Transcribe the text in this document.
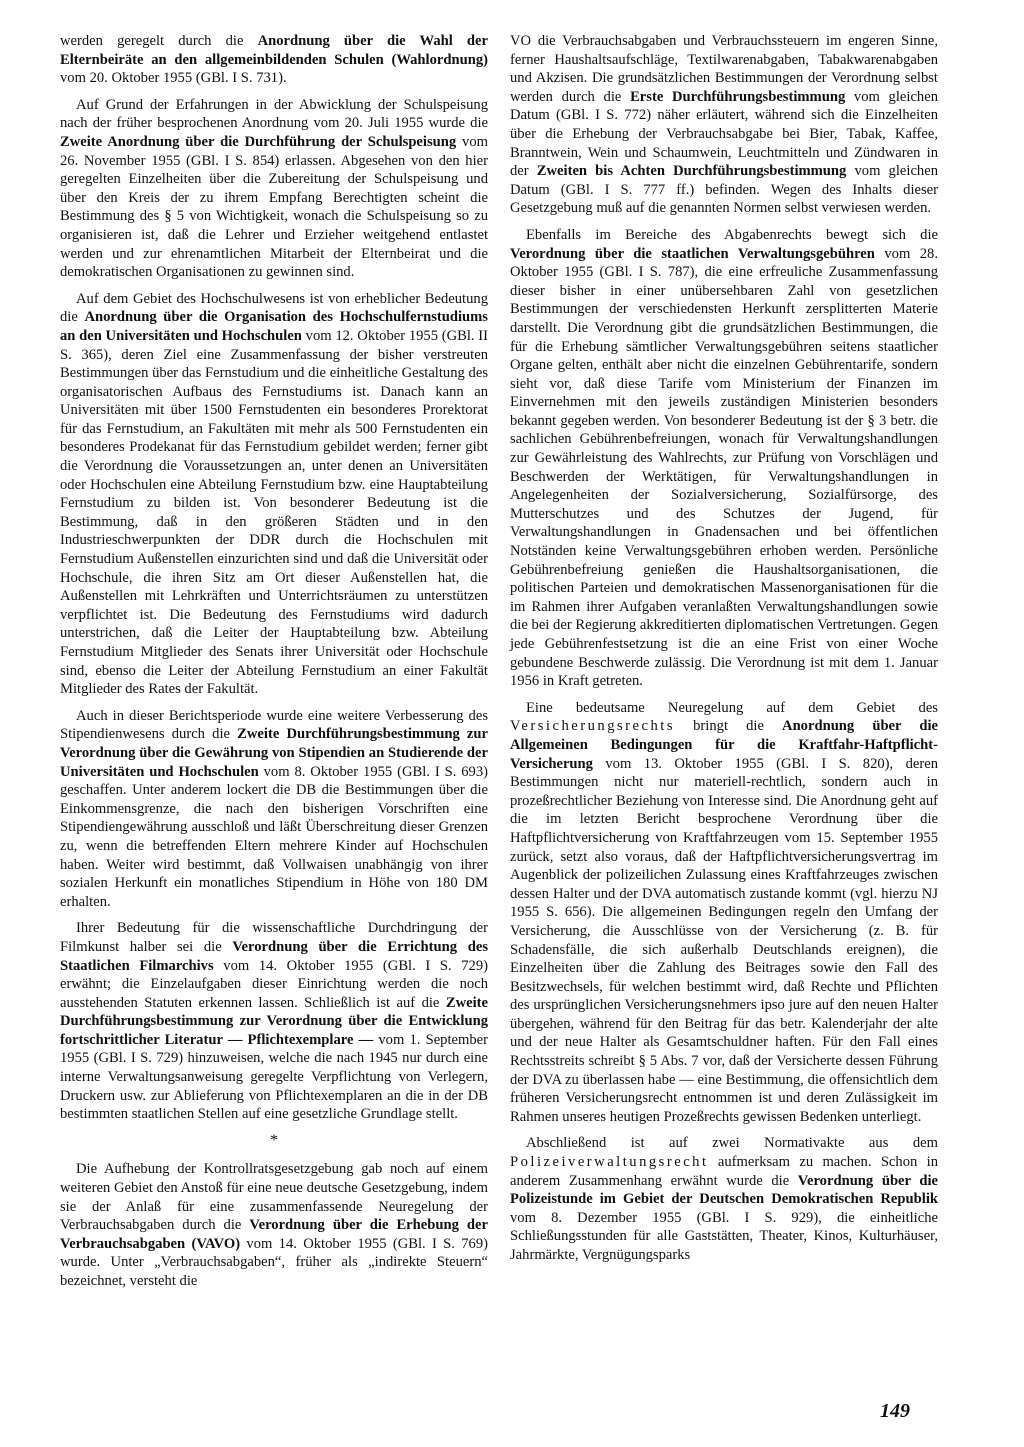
werden geregelt durch die Anordnung über die Wahl der Elternbeiräte an den allgemeinbildenden Schulen (Wahlordnung) vom 20. Oktober 1955 (GBl. I S. 731).

Auf Grund der Erfahrungen in der Abwicklung der Schulspeisung nach der früher besprochenen Anordnung vom 20. Juli 1955 wurde die Zweite Anordnung über die Durchführung der Schulspeisung vom 26. November 1955 (GBl. I S. 854) erlassen. Abgesehen von den hier geregelten Einzelheiten über die Zubereitung der Schulspeisung und über den Kreis der zu ihrem Empfang Berechtigten scheint die Bestimmung des § 5 von Wichtigkeit, wonach die Schulspeisung so zu organisieren ist, daß die Lehrer und Erzieher weitgehend entlastet werden und zur ehrenamtlichen Mitarbeit der Elternbeirat und die demokratischen Organisationen zu gewinnen sind.

Auf dem Gebiet des Hochschulwesens ist von erheblicher Bedeutung die Anordnung über die Organisation des Hochschulfernstudiums an den Universitäten und Hochschulen vom 12. Oktober 1955 (GBl. II S. 365), deren Ziel eine Zusammenfassung der bisher verstreuten Bestimmungen über das Fernstudium und die einheitliche Gestaltung des organisatorischen Aufbaus des Fernstudiums ist. Danach kann an Universitäten mit über 1500 Fernstudenten ein besonderes Prorektorat für das Fernstudium, an Fakultäten mit mehr als 500 Fernstudenten ein besonderes Prodekanat für das Fernstudium gebildet werden; ferner gibt die Verordnung die Voraussetzungen an, unter denen an Universitäten oder Hochschulen eine Abteilung Fernstudium bzw. eine Hauptabteilung Fernstudium zu bilden ist. Von besonderer Bedeutung ist die Bestimmung, daß in den größeren Städten und in den Industrieschwerpunkten der DDR durch die Hochschulen mit Fernstudium Außenstellen einzurichten sind und daß die Universität oder Hochschule, die ihren Sitz am Ort dieser Außenstellen hat, die Außenstellen mit Lehrkräften und Unterrichtsräumen zu unterstützen verpflichtet ist. Die Bedeutung des Fernstudiums wird dadurch unterstrichen, daß die Leiter der Hauptabteilung bzw. Abteilung Fernstudium Mitglieder des Senats ihrer Universität oder Hochschule sind, ebenso die Leiter der Abteilung Fernstudium an einer Fakultät Mitglieder des Rates der Fakultät.

Auch in dieser Berichtsperiode wurde eine weitere Verbesserung des Stipendienwesens durch die Zweite Durchführungsbestimmung zur Verordnung über die Gewährung von Stipendien an Studierende der Universitäten und Hochschulen vom 8. Oktober 1955 (GBl. I S. 693) geschaffen. Unter anderem lockert die DB die Bestimmungen über die Einkommensgrenze, die nach den bisherigen Vorschriften eine Stipendiengewährung ausschloß und läßt Überschreitung dieser Grenzen zu, wenn die betreffenden Eltern mehrere Kinder auf Hochschulen haben. Weiter wird bestimmt, daß Vollwaisen unabhängig von ihrer sozialen Herkunft ein monatliches Stipendium in Höhe von 180 DM erhalten.

Ihrer Bedeutung für die wissenschaftliche Durchdringung der Filmkunst halber sei die Verordnung über die Errichtung des Staatlichen Filmarchivs vom 14. Oktober 1955 (GBl. I S. 729) erwähnt; die Einzelaufgaben dieser Einrichtung werden die noch ausstehenden Statuten erkennen lassen. Schließlich ist auf die Zweite Durchführungsbestimmung zur Verordnung über die Entwicklung fortschrittlicher Literatur — Pflichtexemplare — vom 1. September 1955 (GBl. I S. 729) hinzuweisen, welche die nach 1945 nur durch eine interne Verwaltungsanweisung geregelte Verpflichtung von Verlegern, Druckern usw. zur Ablieferung von Pflichtexemplaren an die in der DB bestimmten staatlichen Stellen auf eine gesetzliche Grundlage stellt.

*

Die Aufhebung der Kontrollratsgesetzgebung gab noch auf einem weiteren Gebiet den Anstoß für eine neue deutsche Gesetzgebung, indem sie der Anlaß für eine zusammenfassende Neuregelung der Verbrauchsabgaben durch die Verordnung über die Erhebung der Verbrauchsabgaben (VAVO) vom 14. Oktober 1955 (GBl. I S. 769) wurde. Unter „Verbrauchsabgaben“, früher als „indirekte Steuern“ bezeichnet, versteht die

VO die Verbrauchsabgaben und Verbrauchssteuern im engeren Sinne, ferner Haushaltsaufschläge, Textilwarenabgaben, Tabakwarenabgaben und Akzisen. Die grundsätzlichen Bestimmungen der Verordnung selbst werden durch die Erste Durchführungsbestimmung vom gleichen Datum (GBl. I S. 772) näher erläutert, während sich die Einzelheiten über die Erhebung der Verbrauchsabgabe bei Bier, Tabak, Kaffee, Branntwein, Wein und Schaumwein, Leuchtmitteln und Zündwaren in der Zweiten bis Achten Durchführungsbestimmung vom gleichen Datum (GBl. I S. 777 ff.) befinden. Wegen des Inhalts dieser Gesetzgebung muß auf die genannten Normen selbst verwiesen werden.

Ebenfalls im Bereiche des Abgabenrechts bewegt sich die Verordnung über die staatlichen Verwaltungsgebühren vom 28. Oktober 1955 (GBl. I S. 787), die eine erfreuliche Zusammenfassung dieser bisher in einer unübersehbaren Zahl von gesetzlichen Bestimmungen der verschiedensten Herkunft zersplitterten Materie darstellt. Die Verordnung gibt die grundsätzlichen Bestimmungen, die für die Erhebung sämtlicher Verwaltungsgebühren seitens staatlicher Organe gelten, enthält aber nicht die einzelnen Gebührentarife, sondern sieht vor, daß diese Tarife vom Ministerium der Finanzen im Einvernehmen mit den jeweils zuständigen Ministerien besonders bekannt gegeben werden. Von besonderer Bedeutung ist der § 3 betr. die sachlichen Gebührenbefreiungen, wonach für Verwaltungshandlungen zur Gewährleistung des Wahlrechts, zur Prüfung von Vorschlägen und Beschwerden der Werktätigen, für Verwaltungshandlungen in Angelegenheiten der Sozialversicherung, Sozialfürsorge, des Mutterschutzes und des Schutzes der Jugend, für Verwaltungshandlungen in Gnadensachen und bei öffentlichen Notständen keine Verwaltungsgebühren erhoben werden. Persönliche Gebührenbefreiung genießen die Haushaltsorganisationen, die politischen Parteien und demokratischen Massenorganisationen für die im Rahmen ihrer Aufgaben veranlaßten Verwaltungshandlungen sowie die bei der Regierung akkreditierten diplomatischen Vertretungen. Gegen jede Gebührenfestsetzung ist die an eine Frist von einer Woche gebundene Beschwerde zulässig. Die Verordnung ist mit dem 1. Januar 1956 in Kraft getreten.

Eine bedeutsame Neuregelung auf dem Gebiet des Versicherungsrechts bringt die Anordnung über die Allgemeinen Bedingungen für die Kraftfahr-Haftpflicht-Versicherung vom 13. Oktober 1955 (GBl. I S. 820), deren Bestimmungen nicht nur materiell-rechtlich, sondern auch in prozeßrechtlicher Beziehung von Interesse sind. Die Anordnung geht auf die im letzten Bericht besprochene Verordnung über die Haftpflichtversicherung von Kraftfahrzeugen vom 15. September 1955 zurück, setzt also voraus, daß der Haftpflichtversicherungsvertrag im Augenblick der polizeilichen Zulassung eines Kraftfahrzeuges zwischen dessen Halter und der DVA automatisch zustande kommt (vgl. hierzu NJ 1955 S. 656). Die allgemeinen Bedingungen regeln den Umfang der Versicherung, die Ausschlüsse von der Versicherung (z. B. für Schadensfälle, die sich außerhalb Deutschlands ereignen), die Einzelheiten über die Zahlung des Beitrages sowie den Fall des Besitzwechsels, für welchen bestimmt wird, daß Rechte und Pflichten des ursprünglichen Versicherungsnehmers ipso jure auf den neuen Halter übergehen, während für den Beitrag für das betr. Kalenderjahr der alte und der neue Halter als Gesamtschuldner haften. Für den Fall eines Rechtsstreits schreibt § 5 Abs. 7 vor, daß der Versicherte dessen Führung der DVA zu überlassen habe — eine Bestimmung, die offensichtlich dem früheren Versicherungsrecht entnommen ist und deren Zulässigkeit im Rahmen unseres heutigen Prozeßrechts gewissen Bedenken unterliegt.

Abschließend ist auf zwei Normativakte aus dem Polizeiverwaltungsrecht aufmerksam zu machen. Schon in anderem Zusammenhang erwähnt wurde die Verordnung über die Polizeistunde im Gebiet der Deutschen Demokratischen Republik vom 8. Dezember 1955 (GBl. I S. 929), die einheitliche Schließungsstunden für alle Gaststätten, Theater, Kinos, Kulturhäuser, Jahrmärkte, Vergnügungsparks

149
